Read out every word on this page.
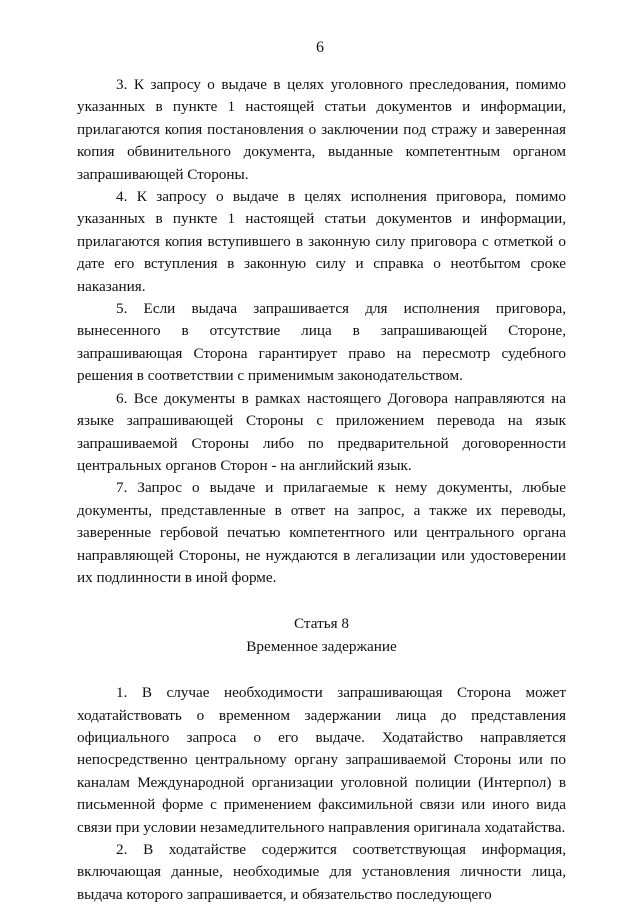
6

3. К запросу о выдаче в целях уголовного преследования, помимо указанных в пункте 1 настоящей статьи документов и информации, прилагаются копия постановления о заключении под стражу и заверенная копия обвинительного документа, выданные компетентным органом запрашивающей Стороны.

4. К запросу о выдаче в целях исполнения приговора, помимо указанных в пункте 1 настоящей статьи документов и информации, прилагаются копия вступившего в законную силу приговора с отметкой о дате его вступления в законную силу и справка о неотбытом сроке наказания.

5. Если выдача запрашивается для исполнения приговора, вынесенного в отсутствие лица в запрашивающей Стороне, запрашивающая Сторона гарантирует право на пересмотр судебного решения в соответствии с применимым законодательством.

6. Все документы в рамках настоящего Договора направляются на языке запрашивающей Стороны с приложением перевода на язык запрашиваемой Стороны либо по предварительной договоренности центральных органов Сторон - на английский язык.

7. Запрос о выдаче и прилагаемые к нему документы, любые документы, представленные в ответ на запрос, а также их переводы, заверенные гербовой печатью компетентного или центрального органа направляющей Стороны, не нуждаются в легализации или удостоверении их подлинности в иной форме.

Статья 8

Временное задержание

1. В случае необходимости запрашивающая Сторона может ходатайствовать о временном задержании лица до представления официального запроса о его выдаче. Ходатайство направляется непосредственно центральному органу запрашиваемой Стороны или по каналам Международной организации уголовной полиции (Интерпол) в письменной форме с применением факсимильной связи или иного вида связи при условии незамедлительного направления оригинала ходатайства.

2. В ходатайстве содержится соответствующая информация, включающая данные, необходимые для установления личности лица, выдача которого запрашивается, и обязательство последующего
